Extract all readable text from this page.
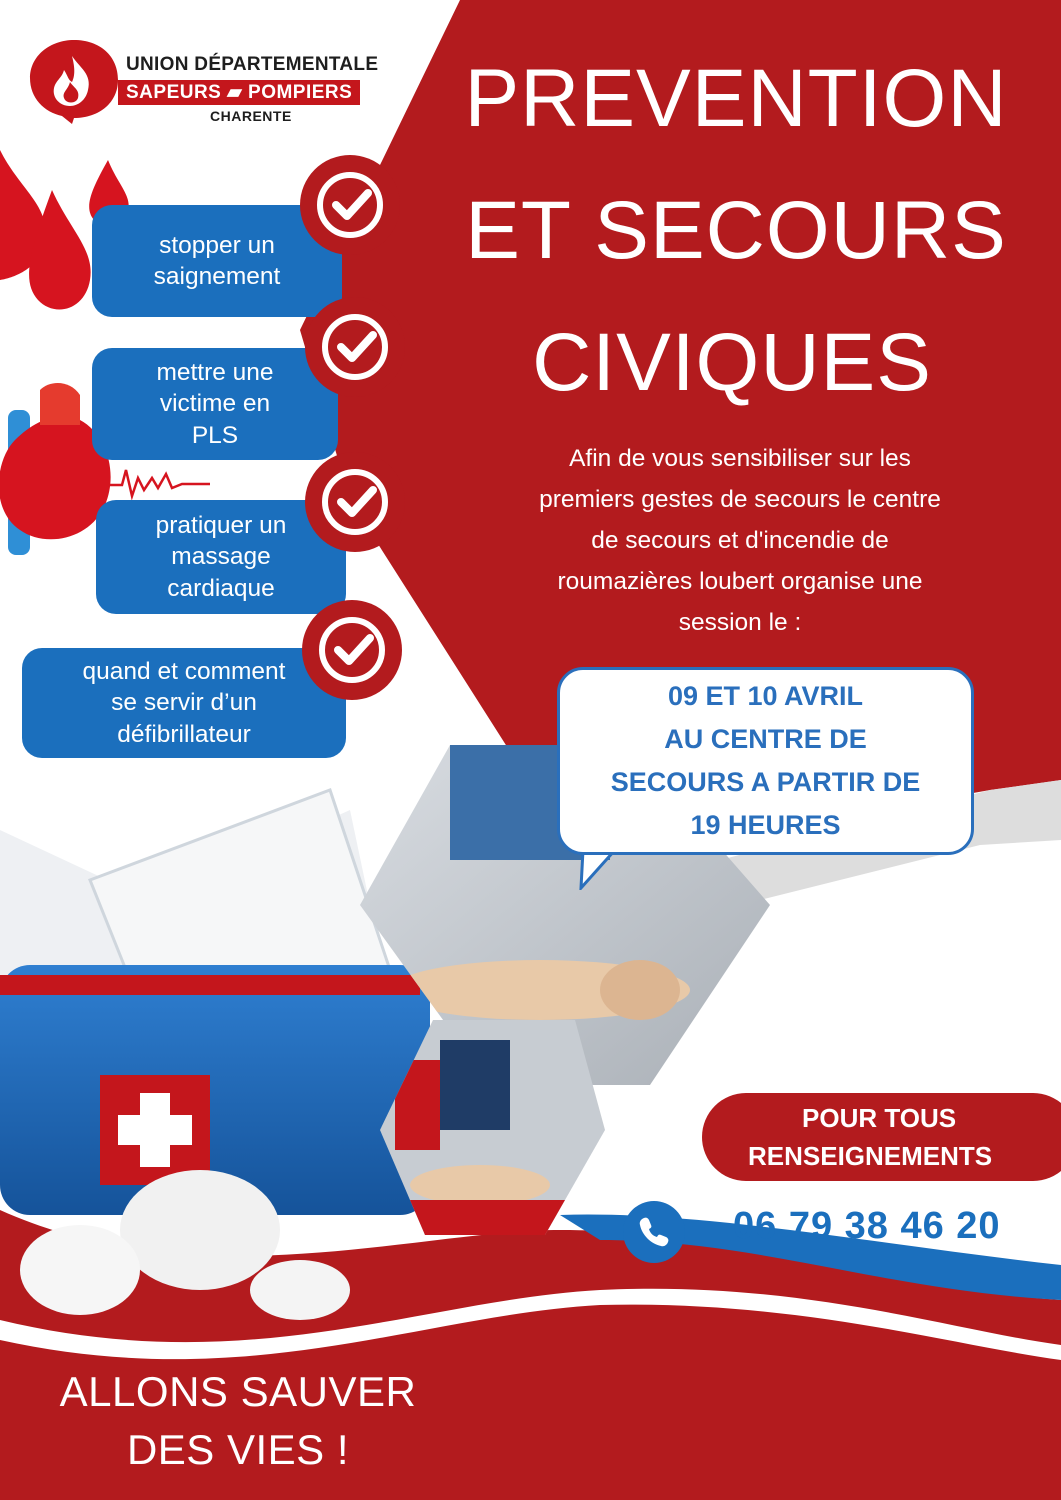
UNION DÉPARTEMENTALE
SAPEURS ▰ POMPIERS
CHARENTE	PREVENTION
ET SECOURS
CIVIQUES
Afin de vous sensibiliser sur les
premiers gestes de secours le centre
de secours et d'incendie de
roumazières loubert organise une
session le :
stopper un
saignement
mettre une
victime en
PLS
pratiquer un
massage
cardiaque
quand et comment
se servir d’un
défibrillateur
09 ET 10 AVRIL
AU CENTRE DE
SECOURS A PARTIR DE
19 HEURES
POUR TOUS
RENSEIGNEMENTS
06 79 38 46 20
ALLONS SAUVER
DES VIES !
